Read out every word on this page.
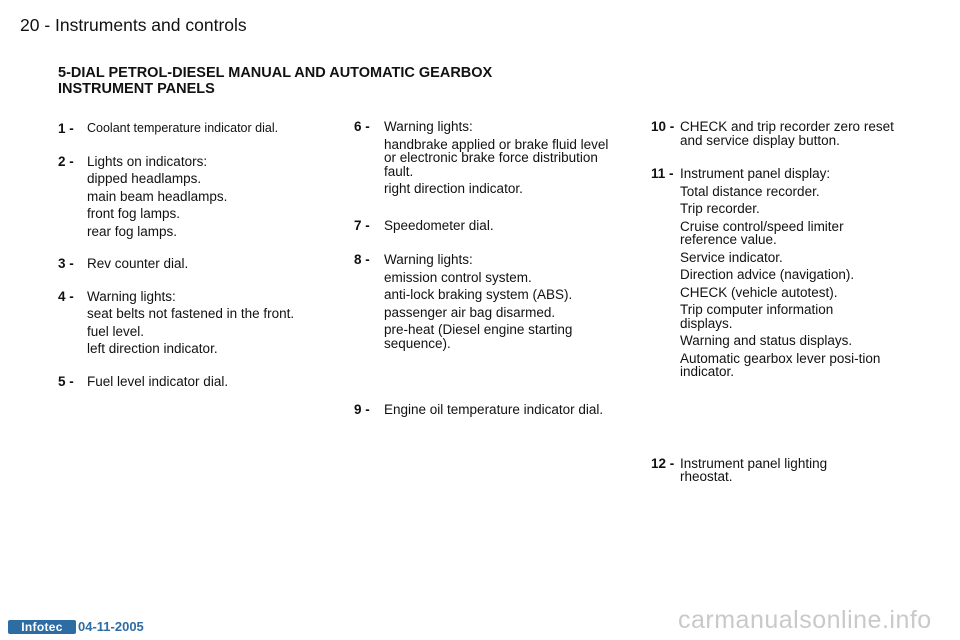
20 - Instruments and controls
5-DIAL PETROL-DIESEL MANUAL AND AUTOMATIC GEARBOX
INSTRUMENT PANELS
1 - Coolant temperature indicator dial.
2 - Lights on indicators:
dipped headlamps.
main beam headlamps.
front fog lamps.
rear fog lamps.
3 - Rev counter dial.
4 - Warning lights:
seat belts not fastened in the front.
fuel level.
left direction indicator.
5 - Fuel level indicator dial.
6 - Warning lights:
handbrake applied or brake fluid level or electronic brake force distribution fault.
right direction indicator.
7 - Speedometer dial.
8 - Warning lights:
emission control system.
anti-lock braking system (ABS).
passenger air bag disarmed.
pre-heat (Diesel engine starting sequence).
9 - Engine oil temperature indicator dial.
10 - CHECK and trip recorder zero reset and service display button.
11 - Instrument panel display:
Total distance recorder.
Trip recorder.
Cruise control/speed limiter reference value.
Service indicator.
Direction advice (navigation).
CHECK (vehicle autotest).
Trip computer information displays.
Warning and status displays.
Automatic gearbox lever posi-tion indicator.
12 - Instrument panel lighting rheostat.
Infotec	04-11-2005	carmanualsonline.info
